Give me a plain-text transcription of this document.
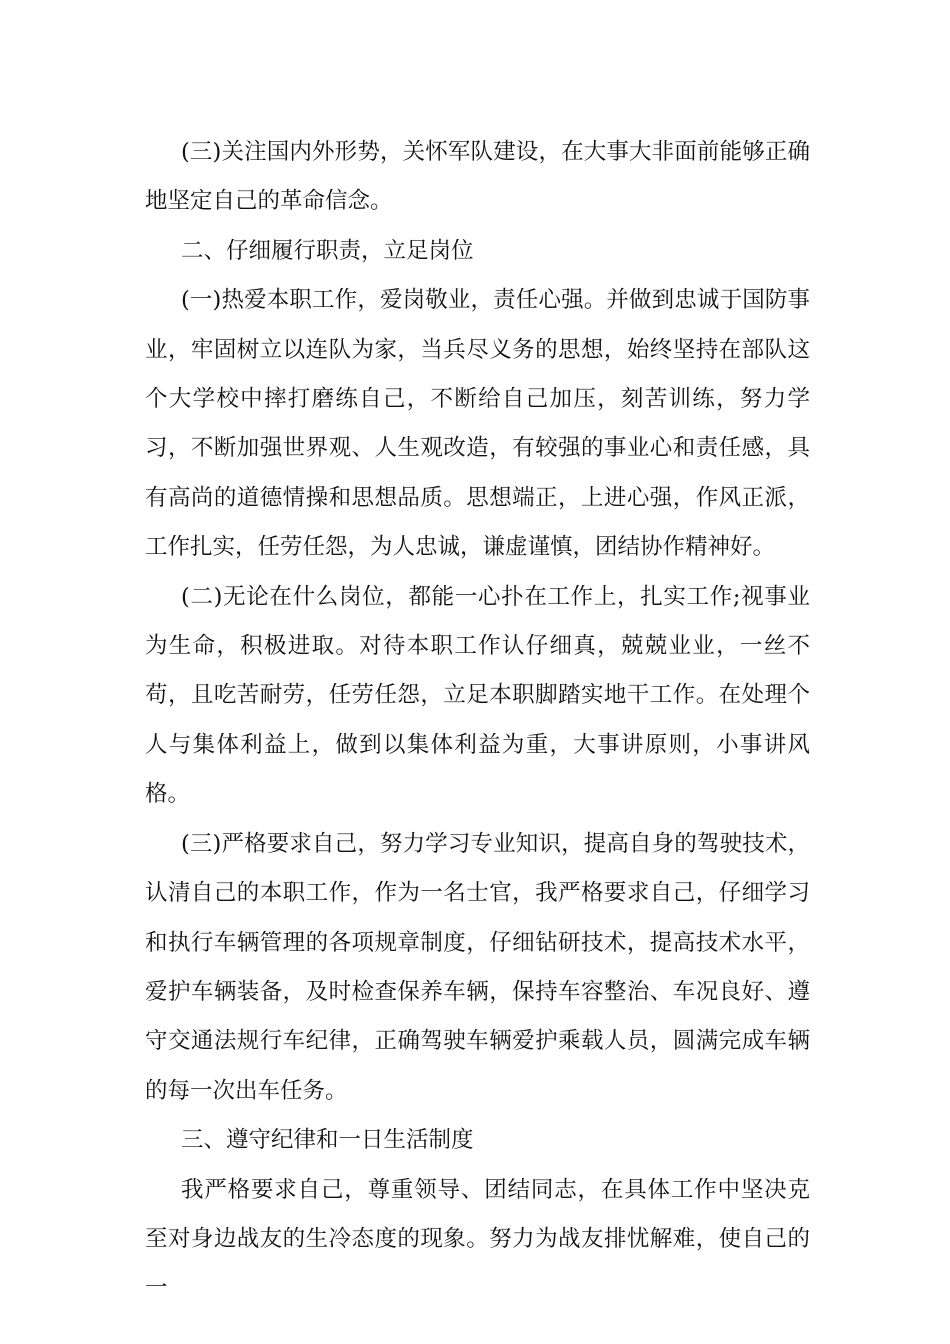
(三)关注国内外形势，关怀军队建设，在大事大非面前能够正确地坚定自己的革命信念。

二、仔细履行职责，立足岗位

(一)热爱本职工作，爱岗敬业，责任心强。并做到忠诚于国防事业，牢固树立以连队为家，当兵尽义务的思想，始终坚持在部队这个大学校中摔打磨练自己，不断给自己加压，刻苦训练，努力学习，不断加强世界观、人生观改造，有较强的事业心和责任感，具有高尚的道德情操和思想品质。思想端正，上进心强，作风正派，工作扎实，任劳任怨，为人忠诚，谦虚谨慎，团结协作精神好。

(二)无论在什么岗位，都能一心扑在工作上，扎实工作;视事业为生命，积极进取。对待本职工作认仔细真，兢兢业业，一丝不苟，且吃苦耐劳，任劳任怨，立足本职脚踏实地干工作。在处理个人与集体利益上，做到以集体利益为重，大事讲原则，小事讲风格。

(三)严格要求自己，努力学习专业知识，提高自身的驾驶技术，认清自己的本职工作，作为一名士官，我严格要求自己，仔细学习和执行车辆管理的各项规章制度，仔细钻研技术，提高技术水平，爱护车辆装备，及时检查保养车辆，保持车容整治、车况良好、遵守交通法规行车纪律，正确驾驶车辆爱护乘载人员，圆满完成车辆的每一次出车任务。

三、遵守纪律和一日生活制度

我严格要求自己，尊重领导、团结同志，在具体工作中坚决克至对身边战友的生冷态度的现象。努力为战友排忧解难，使自己的一
